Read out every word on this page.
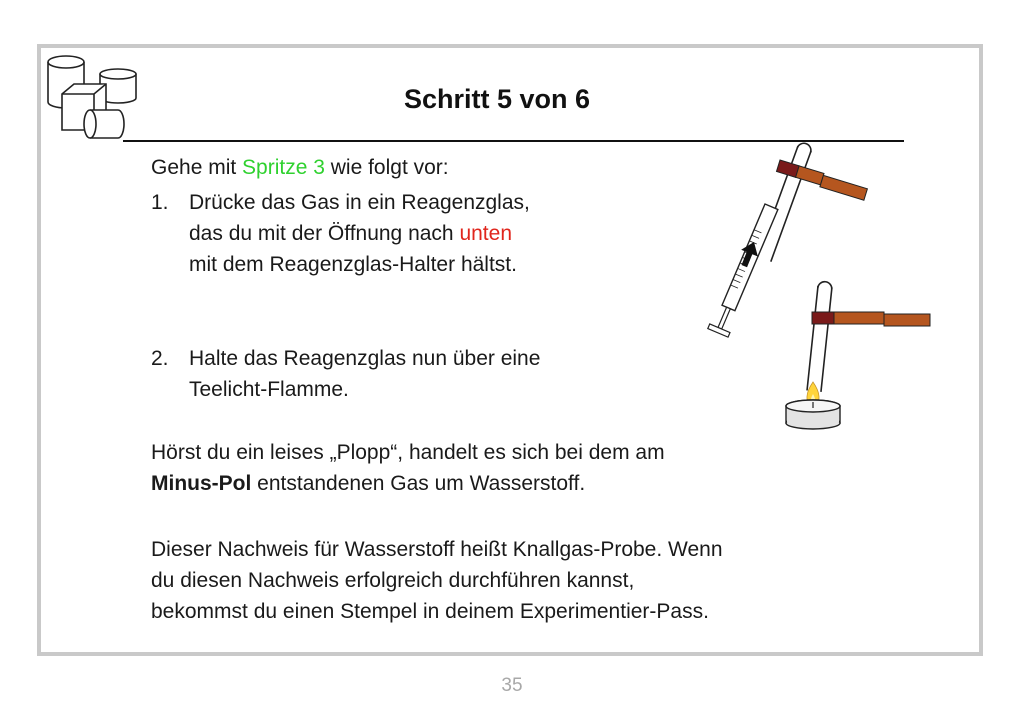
Schritt 5 von 6
Gehe mit Spritze 3 wie folgt vor:
1. Drücke das Gas in ein Reagenzglas,
das du mit der Öffnung nach unten
mit dem Reagenzglas-Halter hältst.
2. Halte das Reagenzglas nun über eine
Teelicht-Flamme.
Hörst du ein leises „Plopp“, handelt es sich bei dem am
Minus-Pol entstandenen Gas um Wasserstoff.
Dieser Nachweis für Wasserstoff heißt Knallgas-Probe. Wenn
du diesen Nachweis erfolgreich durchführen kannst,
bekommst du einen Stempel in deinem Experimentier-Pass.
35
